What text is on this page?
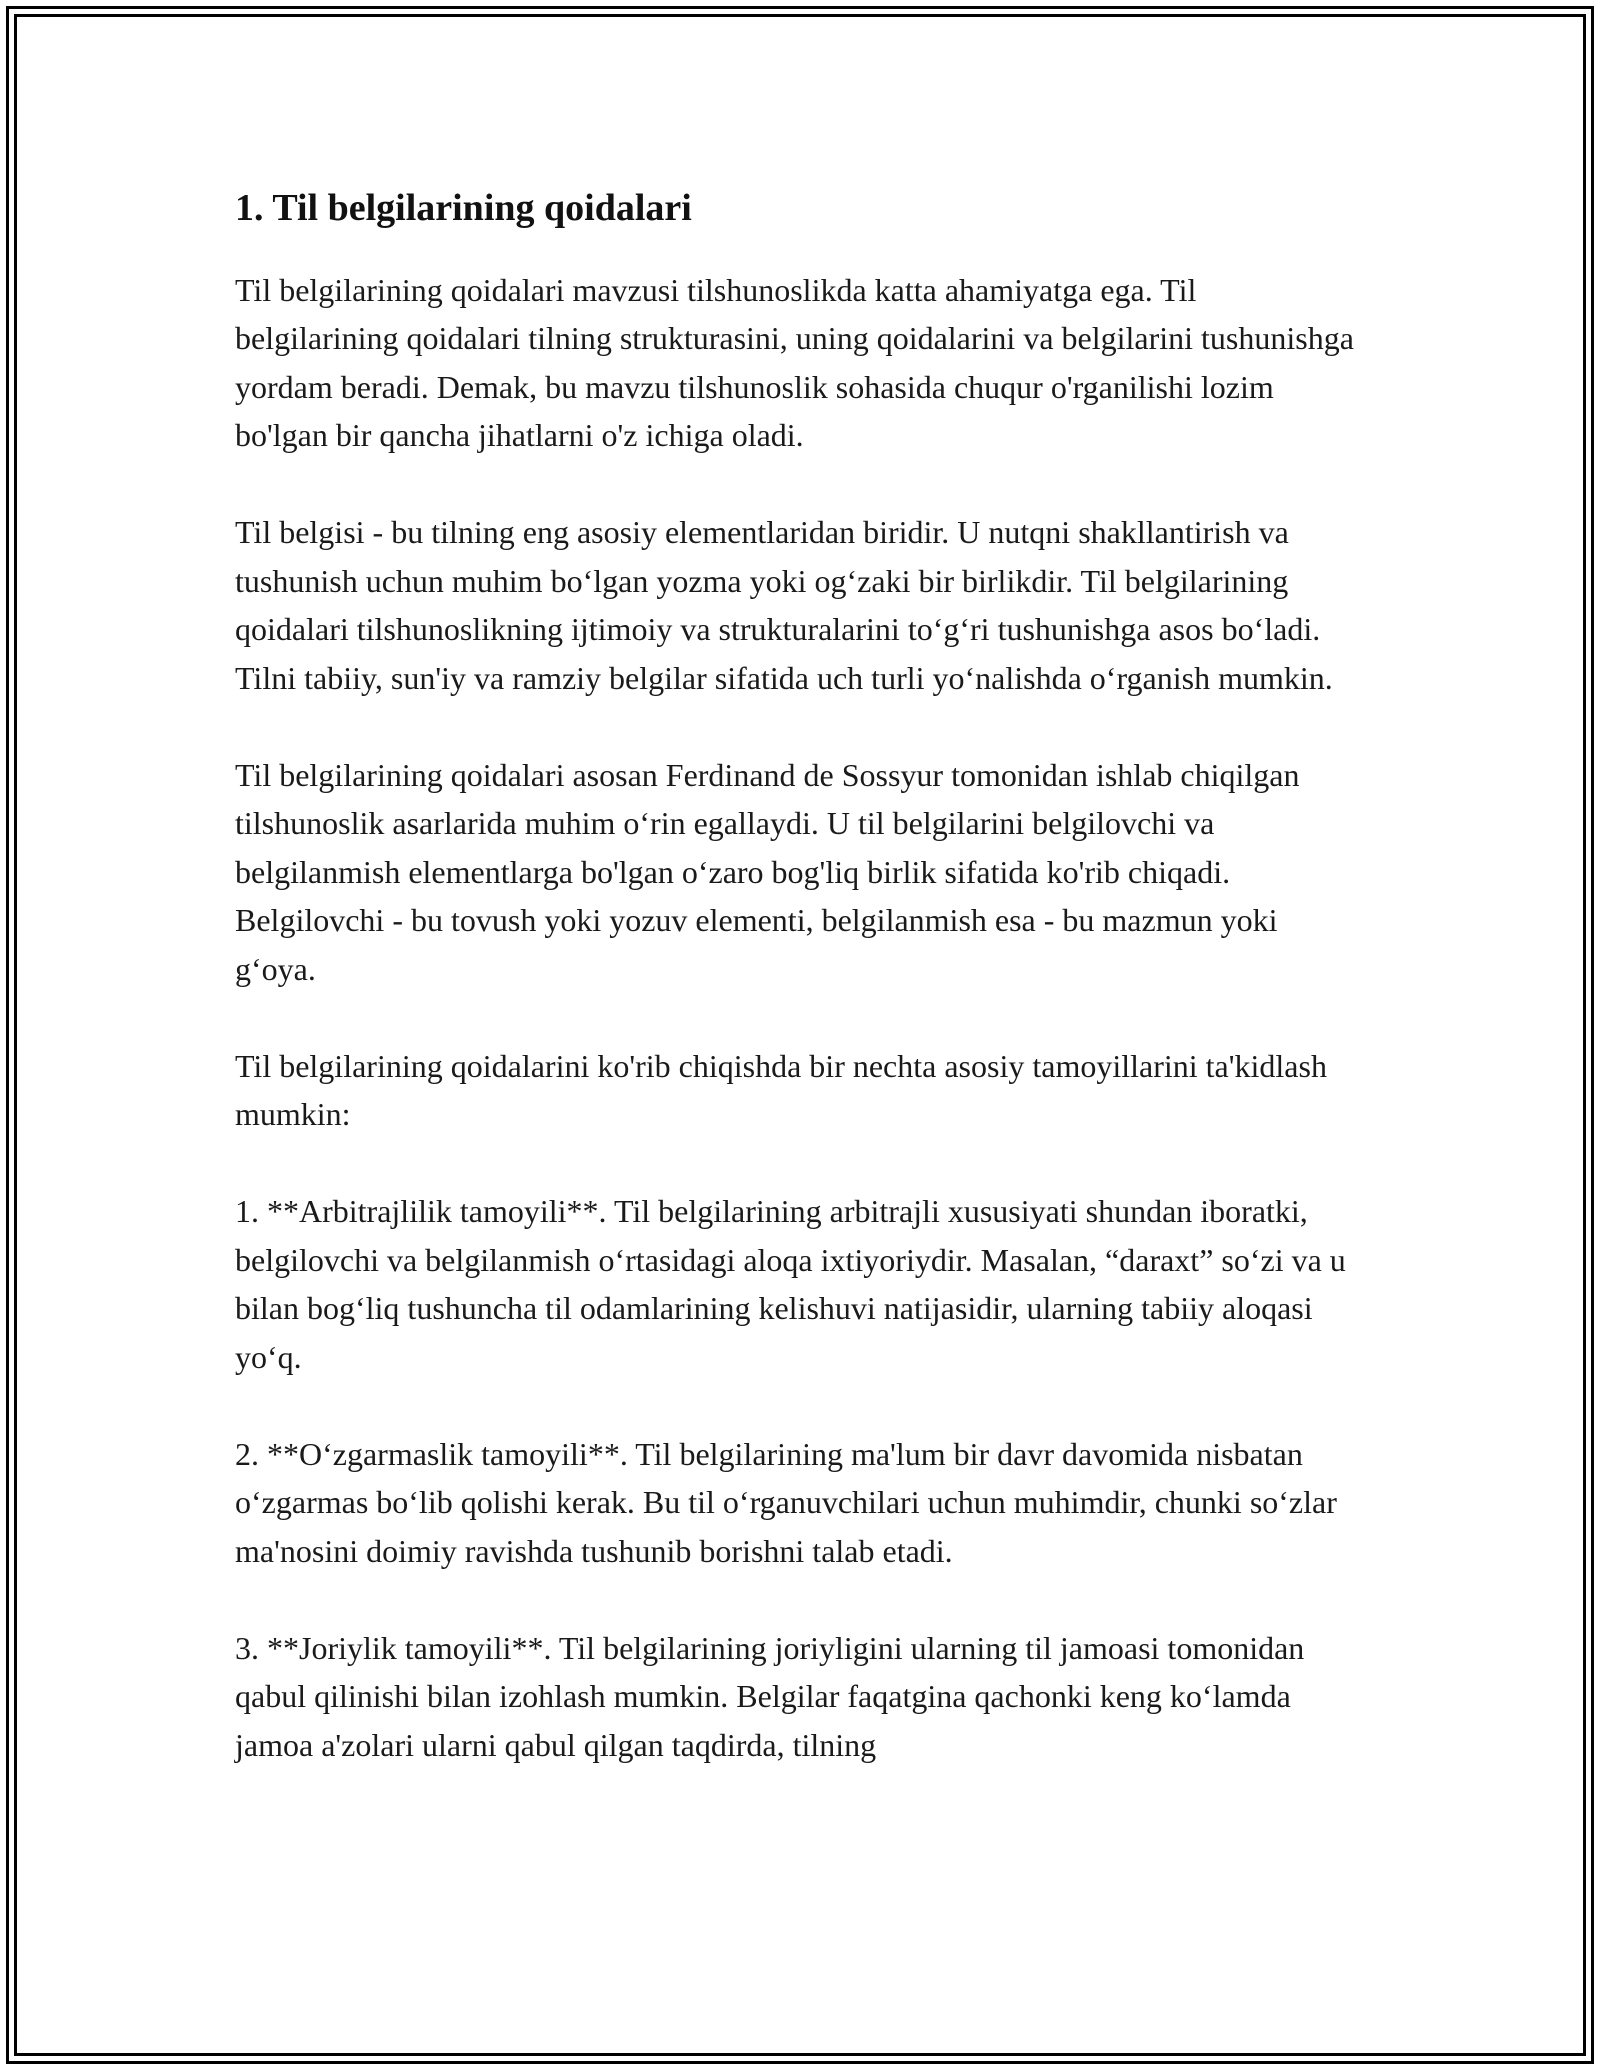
1. Til belgilarining qoidalari

Til belgilarining qoidalari mavzusi tilshunoslikda katta ahamiyatga ega. Til belgilarining qoidalari tilning strukturasini, uning qoidalarini va belgilarini tushunishga yordam beradi. Demak, bu mavzu tilshunoslik sohasida chuqur o'rganilishi lozim bo'lgan bir qancha jihatlarni o'z ichiga oladi.

Til belgisi - bu tilning eng asosiy elementlaridan biridir. U nutqni shakllantirish va tushunish uchun muhim bo‘lgan yozma yoki og‘zaki bir birlikdir. Til belgilarining qoidalari tilshunoslikning ijtimoiy va strukturalarini to‘g‘ri tushunishga asos bo‘ladi. Tilni tabiiy, sun'iy va ramziy belgilar sifatida uch turli yo‘nalishda o‘rganish mumkin.

Til belgilarining qoidalari asosan Ferdinand de Sossyur tomonidan ishlab chiqilgan tilshunoslik asarlarida muhim o‘rin egallaydi. U til belgilarini belgilovchi va belgilanmish elementlarga bo'lgan o‘zaro bog'liq birlik sifatida ko'rib chiqadi. Belgilovchi - bu tovush yoki yozuv elementi, belgilanmish esa - bu mazmun yoki g‘oya.

Til belgilarining qoidalarini ko'rib chiqishda bir nechta asosiy tamoyillarini ta'kidlash mumkin:

1. **Arbitrajlilik tamoyili**. Til belgilarining arbitrajli xususiyati shundan iboratki, belgilovchi va belgilanmish o‘rtasidagi aloqa ixtiyoriydir. Masalan, “daraxt” so‘zi va u bilan bog‘liq tushuncha til odamlarining kelishuvi natijasidir, ularning tabiiy aloqasi yo‘q.

2. **O‘zgarmaslik tamoyili**. Til belgilarining ma'lum bir davr davomida nisbatan o‘zgarmas bo‘lib qolishi kerak. Bu til o‘rganuvchilari uchun muhimdir, chunki so‘zlar ma'nosini doimiy ravishda tushunib borishni talab etadi.

3. **Joriylik tamoyili**. Til belgilarining joriyligini ularning til jamoasi tomonidan qabul qilinishi bilan izohlash mumkin. Belgilar faqatgina qachonki keng ko‘lamda jamoa a'zolari ularni qabul qilgan taqdirda, tilning
